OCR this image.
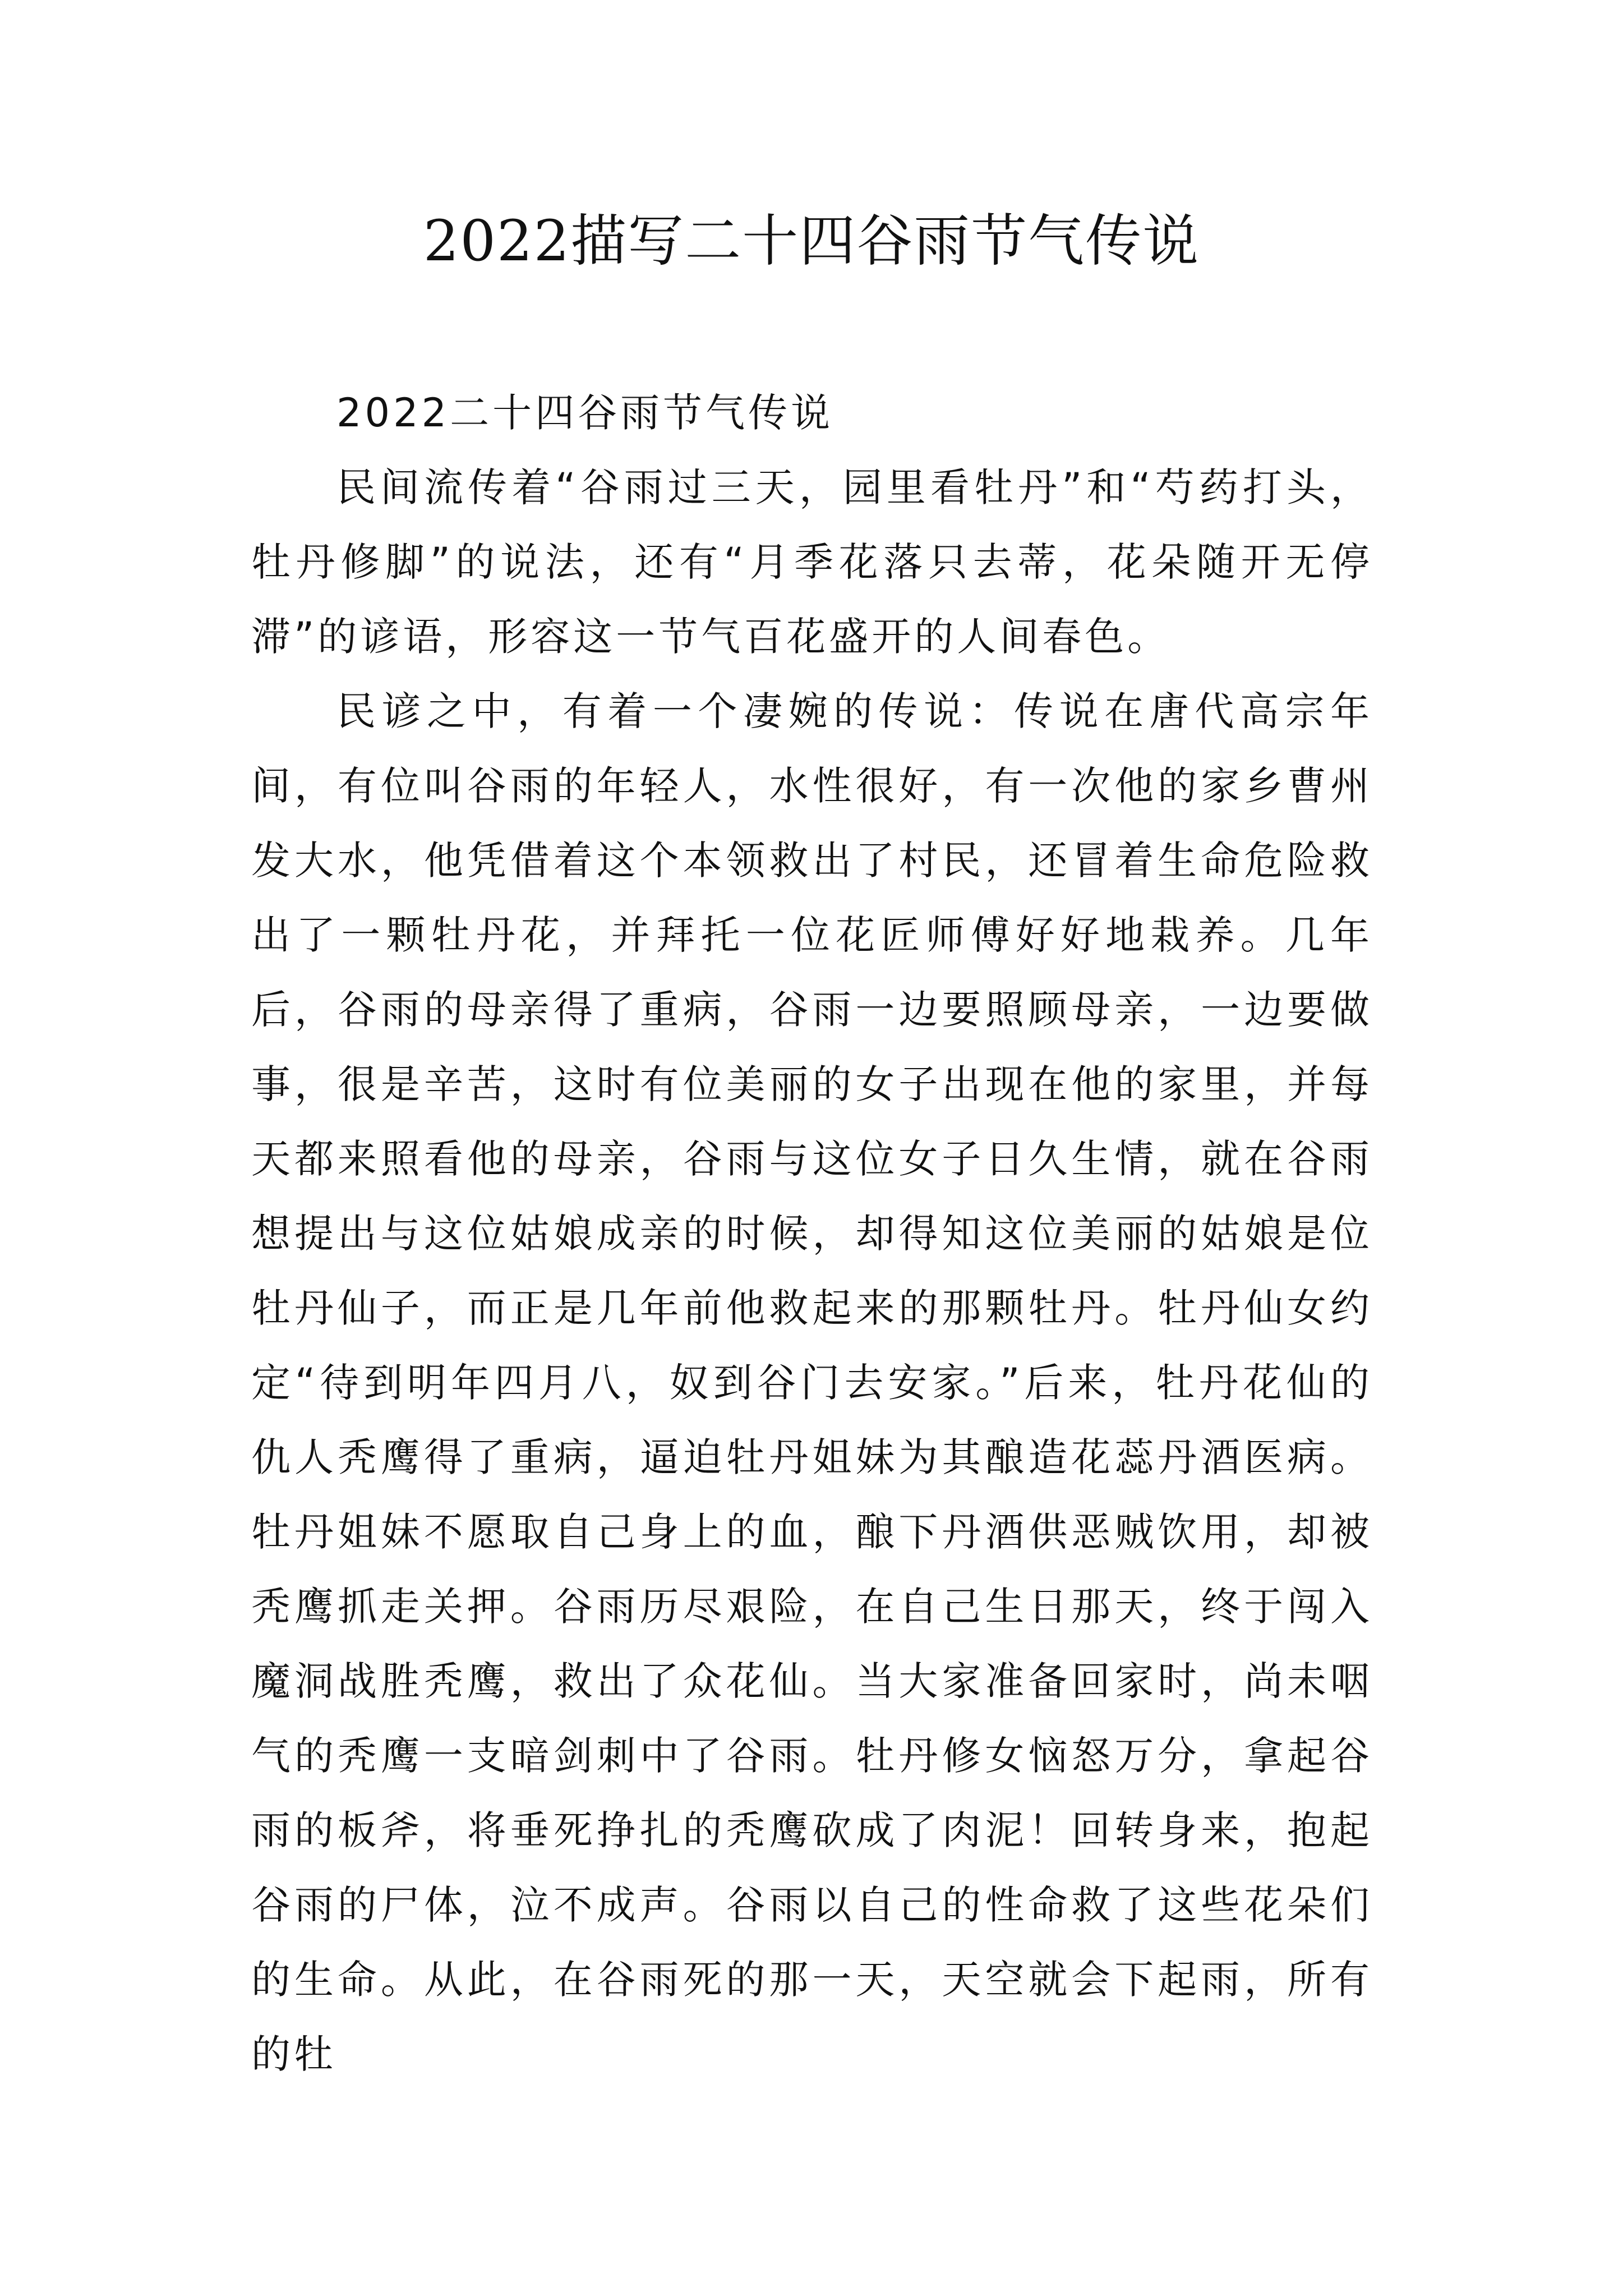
2022描写二十四谷雨节气传说

2022二十四谷雨节气传说

民间流传着“谷雨过三天，园里看牡丹”和“芍药打头，牡丹修脚”的说法，还有“月季花落只去蒂，花朵随开无停滞”的谚语，形容这一节气百花盛开的人间春色。

民谚之中，有着一个凄婉的传说：传说在唐代高宗年间，有位叫谷雨的年轻人，水性很好，有一次他的家乡曹州发大水，他凭借着这个本领救出了村民，还冒着生命危险救出了一颗牡丹花，并拜托一位花匠师傅好好地栽养。几年后，谷雨的母亲得了重病，谷雨一边要照顾母亲，一边要做事，很是辛苦，这时有位美丽的女子出现在他的家里，并每天都来照看他的母亲，谷雨与这位女子日久生情，就在谷雨想提出与这位姑娘成亲的时候，却得知这位美丽的姑娘是位牡丹仙子，而正是几年前他救起来的那颗牡丹。牡丹仙女约定“待到明年四月八，奴到谷门去安家。”后来，牡丹花仙的仇人秃鹰得了重病，逼迫牡丹姐妹为其酿造花蕊丹酒医病。牡丹姐妹不愿取自己身上的血，酿下丹酒供恶贼饮用，却被秃鹰抓走关押。谷雨历尽艰险，在自己生日那天，终于闯入魔洞战胜秃鹰，救出了众花仙。当大家准备回家时，尚未咽气的秃鹰一支暗剑刺中了谷雨。牡丹修女恼怒万分，拿起谷雨的板斧，将垂死挣扎的秃鹰砍成了肉泥！回转身来，抱起谷雨的尸体，泣不成声。谷雨以自己的性命救了这些花朵们的生命。从此，在谷雨死的那一天，天空就会下起雨，所有的牡
